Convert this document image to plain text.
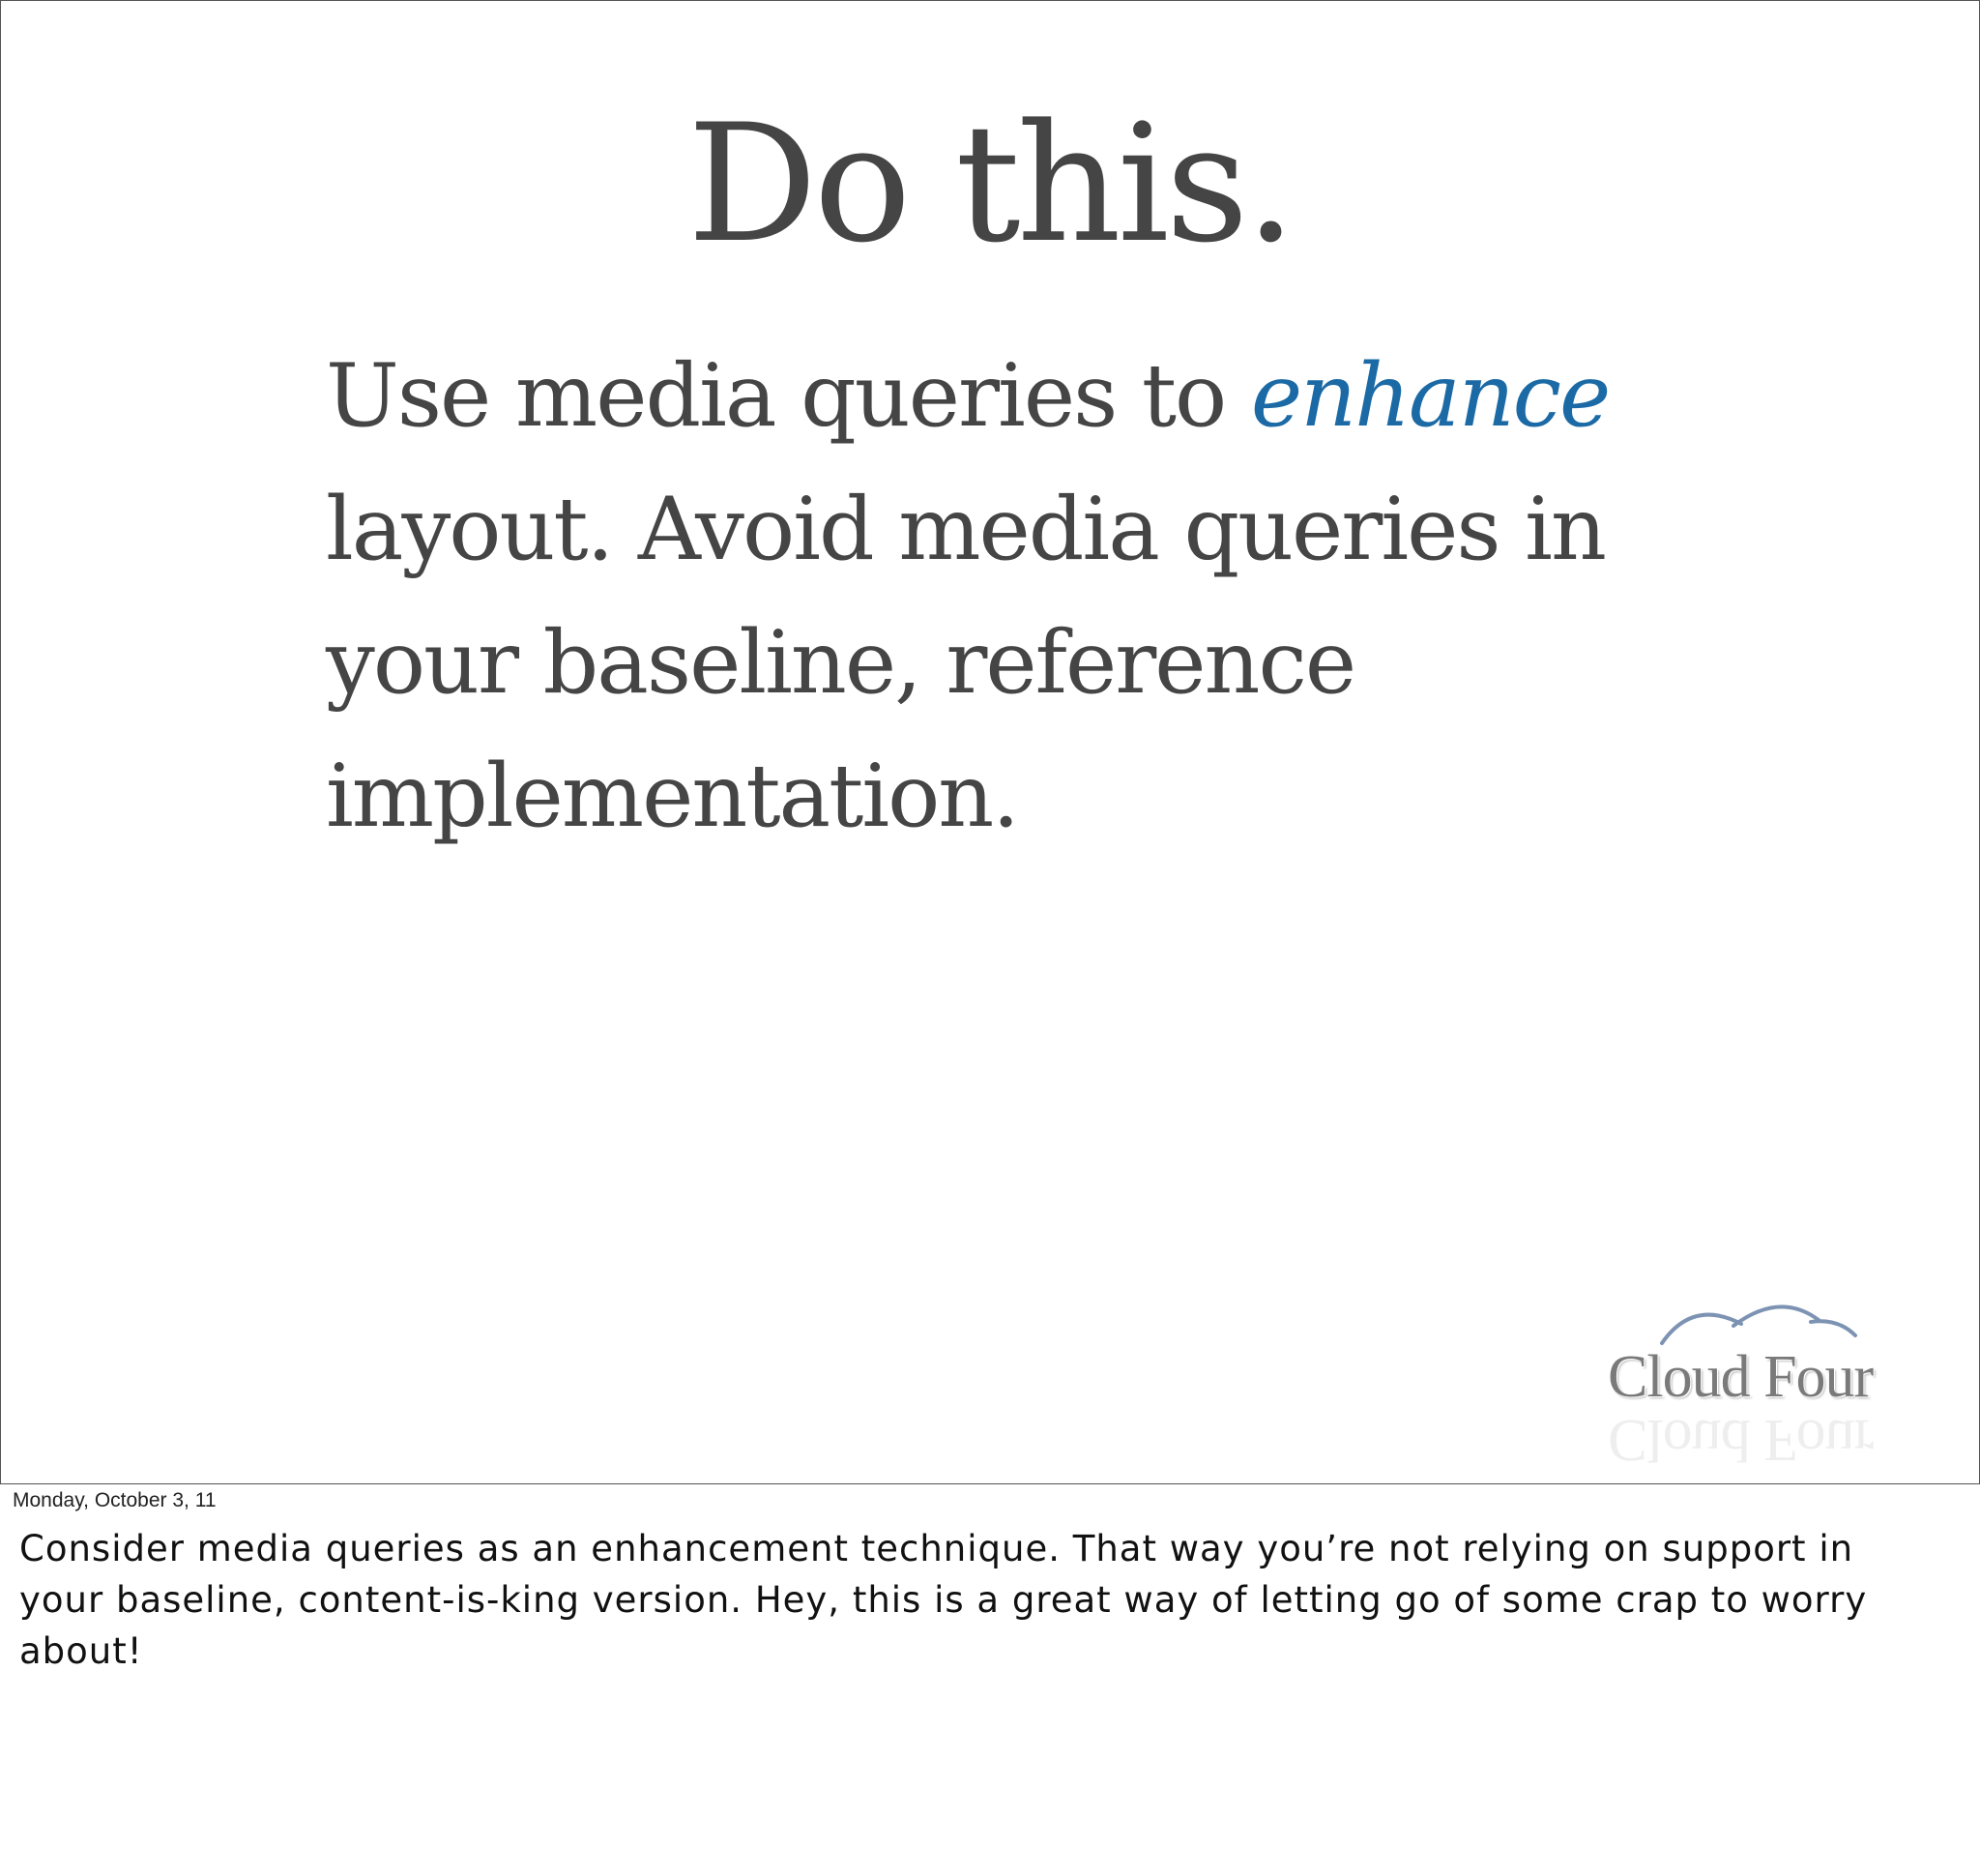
Do this.

Use media queries to enhance layout. Avoid media queries in your baseline, reference implementation.

Cloud Four
Cloud Four

Monday, October 3, 11

Consider media queries as an enhancement technique. That way you’re not relying on support in your baseline, content-is-king version. Hey, this is a great way of letting go of some crap to worry about!
